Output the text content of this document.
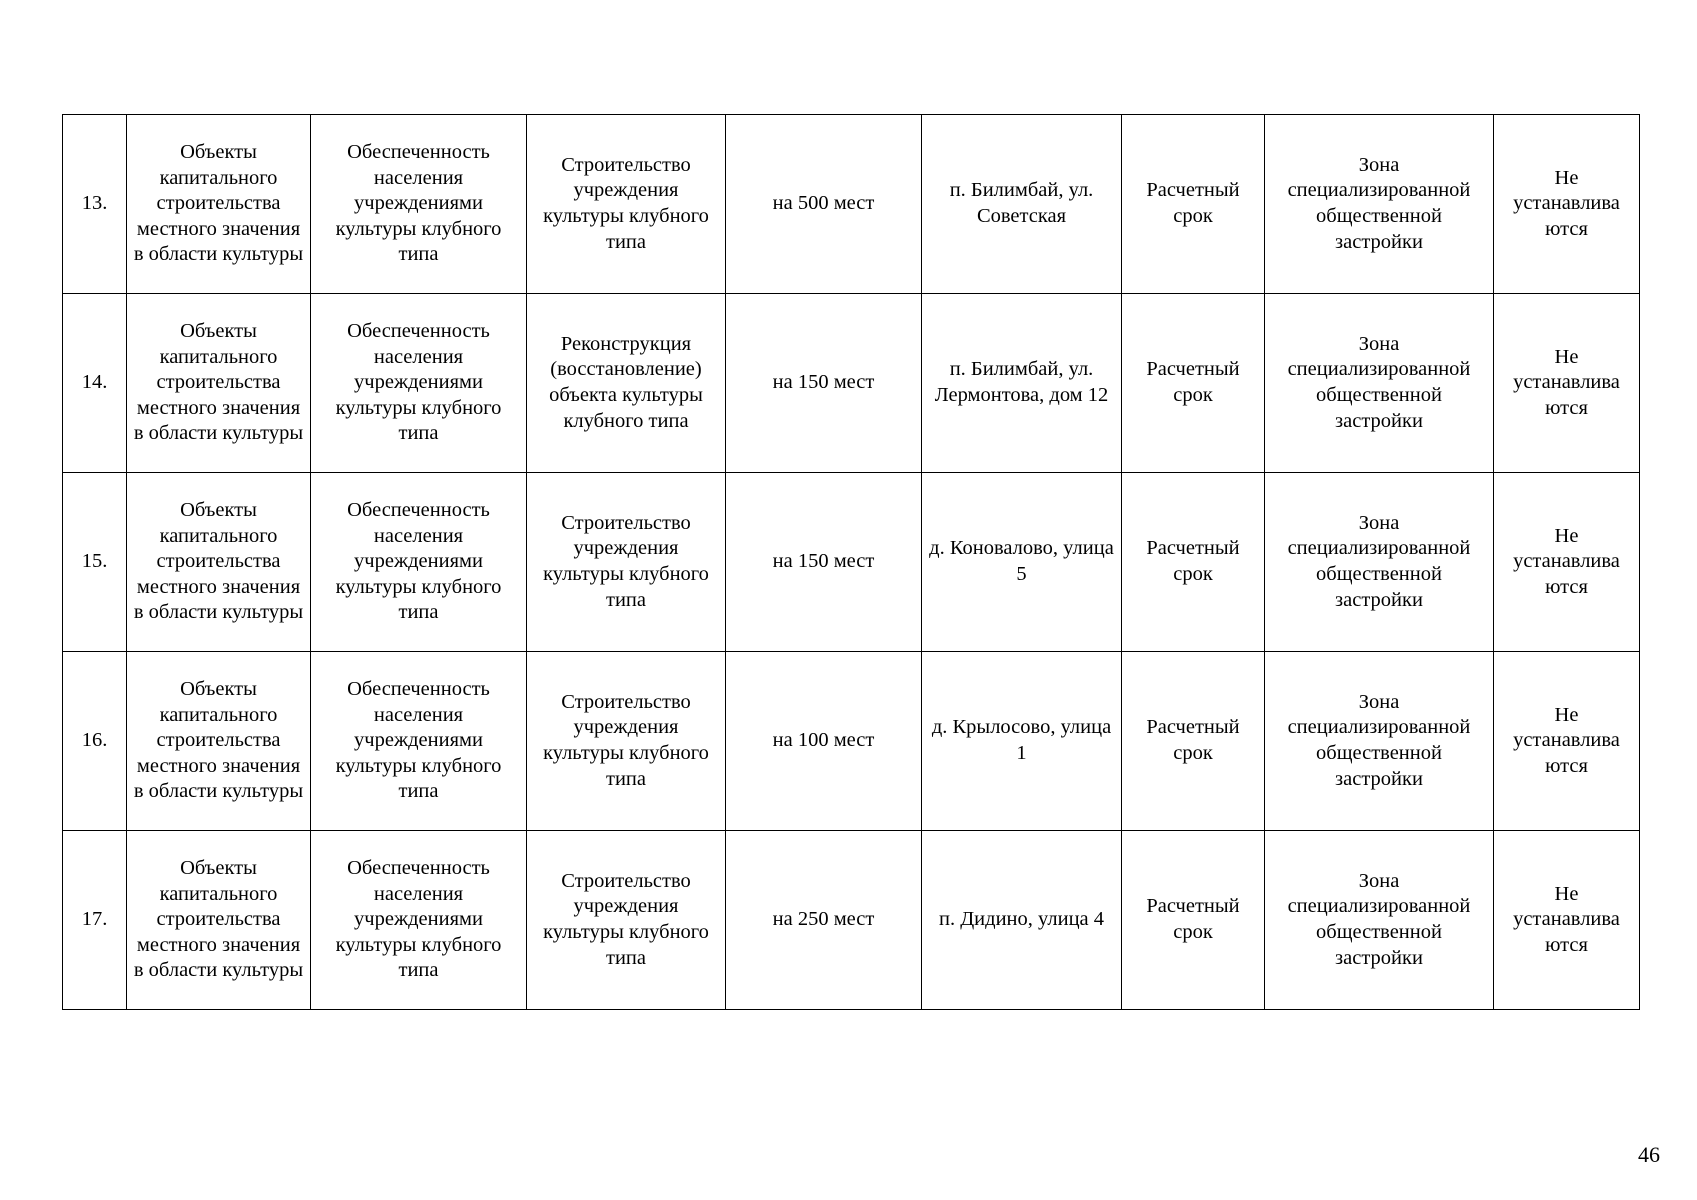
13.	Объекты капитального строительства местного значения в области культуры	Обеспеченность населения учреждениями культуры клубного типа	Строительство учреждения культуры клубного типа	на 500 мест	п. Билимбай, ул. Советская	Расчетный срок	Зона специализированной общественной застройки	Не устанавлива ются
14.	Объекты капитального строительства местного значения в области культуры	Обеспеченность населения учреждениями культуры клубного типа	Реконструкция (восстановление) объекта культуры клубного типа	на 150 мест	п. Билимбай, ул. Лермонтова, дом 12	Расчетный срок	Зона специализированной общественной застройки	Не устанавлива ются
15.	Объекты капитального строительства местного значения в области культуры	Обеспеченность населения учреждениями культуры клубного типа	Строительство учреждения культуры клубного типа	на 150 мест	д. Коновалово, улица 5	Расчетный срок	Зона специализированной общественной застройки	Не устанавлива ются
16.	Объекты капитального строительства местного значения в области культуры	Обеспеченность населения учреждениями культуры клубного типа	Строительство учреждения культуры клубного типа	на 100 мест	д. Крылосово, улица 1	Расчетный срок	Зона специализированной общественной застройки	Не устанавлива ются
17.	Объекты капитального строительства местного значения в области культуры	Обеспеченность населения учреждениями культуры клубного типа	Строительство учреждения культуры клубного типа	на 250 мест	п. Дидино, улица 4	Расчетный срок	Зона специализированной общественной застройки	Не устанавлива ются
46
